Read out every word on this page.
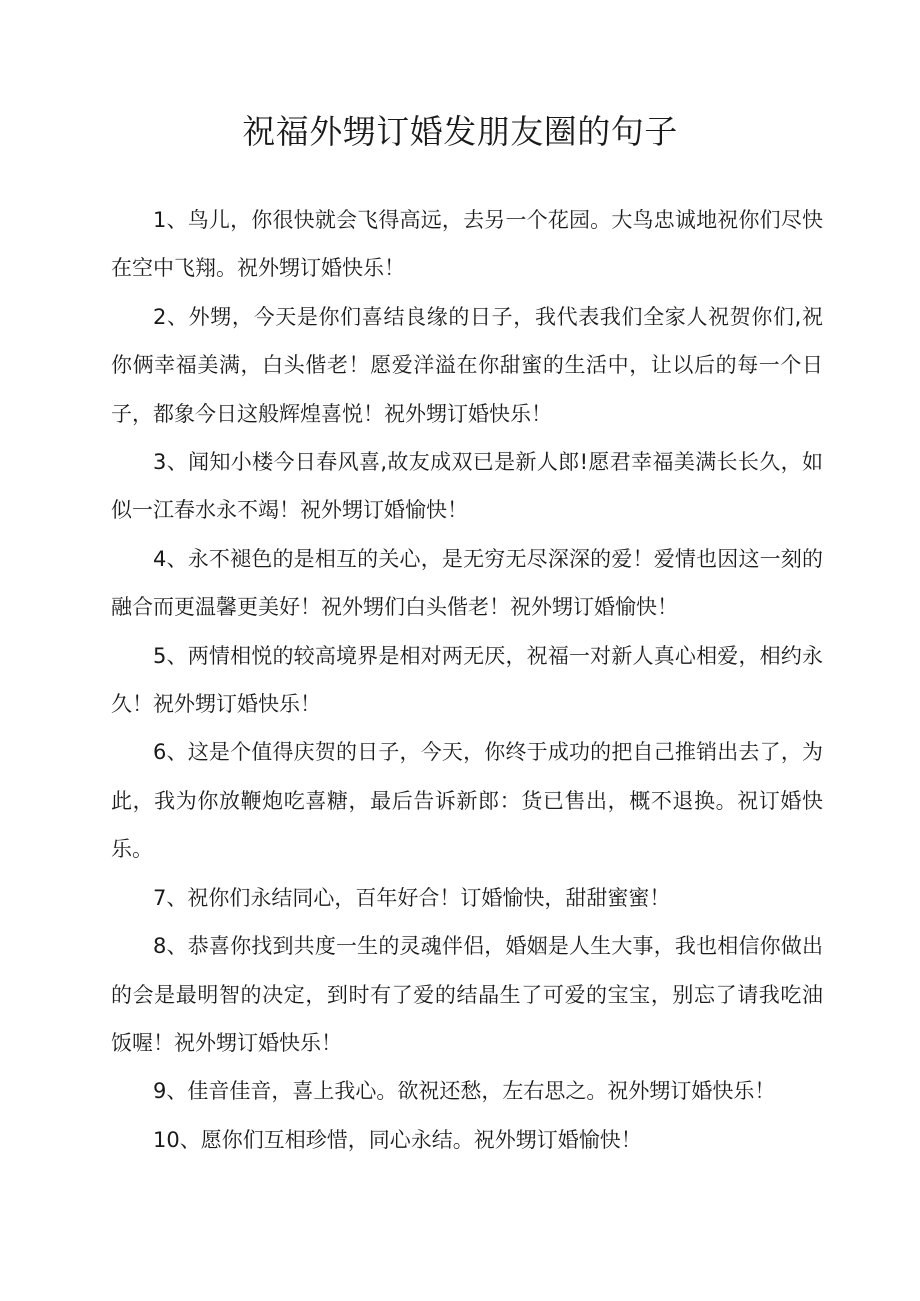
祝福外甥订婚发朋友圈的句子

1、鸟儿，你很快就会飞得高远，去另一个花园。大鸟忠诚地祝你们尽快在空中飞翔。祝外甥订婚快乐！

2、外甥，今天是你们喜结良缘的日子，我代表我们全家人祝贺你们,祝你俩幸福美满，白头偕老！愿爱洋溢在你甜蜜的生活中，让以后的每一个日子，都象今日这般辉煌喜悦！祝外甥订婚快乐！

3、闻知小楼今日春风喜,故友成双已是新人郎!愿君幸福美满长长久，如似一江春水永不竭！祝外甥订婚愉快！

4、永不褪色的是相互的关心，是无穷无尽深深的爱！爱情也因这一刻的融合而更温馨更美好！祝外甥们白头偕老！祝外甥订婚愉快！

5、两情相悦的较高境界是相对两无厌，祝福一对新人真心相爱，相约永久！祝外甥订婚快乐！

6、这是个值得庆贺的日子，今天，你终于成功的把自己推销出去了，为此，我为你放鞭炮吃喜糖，最后告诉新郎：货已售出，概不退换。祝订婚快乐。

7、祝你们永结同心，百年好合！订婚愉快，甜甜蜜蜜！

8、恭喜你找到共度一生的灵魂伴侣，婚姻是人生大事，我也相信你做出的会是最明智的决定，到时有了爱的结晶生了可爱的宝宝，别忘了请我吃油饭喔！祝外甥订婚快乐！

9、佳音佳音，喜上我心。欲祝还愁，左右思之。祝外甥订婚快乐！

10、愿你们互相珍惜，同心永结。祝外甥订婚愉快！
